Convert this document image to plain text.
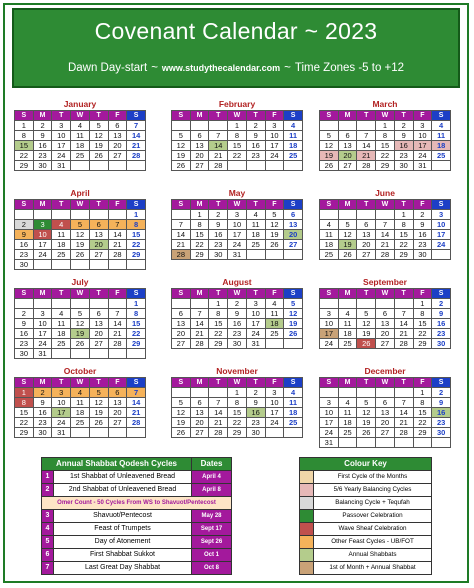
Covenant Calendar ~ 2023
Dawn Day-start ~ www.studythecalendar.com ~ Time Zones -5 to +12
January
S	M	T	W	T	F	S
1	2	3	4	5	6	7
8	9	10	11	12	13	14
15	16	17	18	19	20	21
22	23	24	25	26	27	28
29	30	31				
February
S	M	T	W	T	F	S
			1	2	3	4
5	6	7	8	9	10	11
12	13	14	15	16	17	18
19	20	21	22	23	24	25
26	27	28				
March
S	M	T	W	T	F	S
			1	2	3	4
5	6	7	8	9	10	11
12	13	14	15	16	17	18
19	20	21	22	23	24	25
26	27	28	29	30	31	
April
S	M	T	W	T	F	S
						1
2	3	4	5	6	7	8
9	10	11	12	13	14	15
16	17	18	19	20	21	22
23	24	25	26	27	28	29
30						
May
S	M	T	W	T	F	S
	1	2	3	4	5	6
7	8	9	10	11	12	13
14	15	16	17	18	19	20
21	22	23	24	25	26	27
28	29	30	31			
June
S	M	T	W	T	F	S
				1	2	3
4	5	6	7	8	9	10
11	12	13	14	15	16	17
18	19	20	21	22	23	24
25	26	27	28	29	30	
July
S	M	T	W	T	F	S
						1
2	3	4	5	6	7	8
9	10	11	12	13	14	15
16	17	18	19	20	21	22
23	24	25	26	27	28	29
30	31					
August
S	M	T	W	T	F	S
		1	2	3	4	5
6	7	8	9	10	11	12
13	14	15	16	17	18	19
20	21	22	23	24	25	26
27	28	29	30	31		
September
S	M	T	W	T	F	S
					1	2
3	4	5	6	7	8	9
10	11	12	13	14	15	16
17	18	19	20	21	22	23
24	25	26	27	28	29	30
October
S	M	T	W	T	F	S
1	2	3	4	5	6	7
8	9	10	11	12	13	14
15	16	17	18	19	20	21
22	23	24	25	26	27	28
29	30	31				
November
S	M	T	W	T	F	S
			1	2	3	4
5	6	7	8	9	10	11
12	13	14	15	16	17	18
19	20	21	22	23	24	25
26	27	28	29	30		
December
S	M	T	W	T	F	S
					1	2
3	4	5	6	7	8	9
10	11	12	13	14	15	16
17	18	19	20	21	22	23
24	25	26	27	28	29	30
31						
Annual Shabbat Qodesh Cycles		Dates
1	1st Shabbat of Unleavened Bread	April 4
2	2nd Shabbat of Unleavened Bread	April 8
Omer Count - 50 Cycles From WS to Shavuot/Pentecost		
3	Shavuot/Pentecost	May 28
4	Feast of Trumpets	Sept 17
5	Day of Atonement	Sept 26
6	First Shabbat Sukkot	Oct 1
7	Last Great Day Shabbat	Oct 8
Colour Key	
	First Cycle of the Months
	5/6 Yearly Balancing Cycles
	Balancing Cycle + Tequfah
	Passover Celebration
	Wave Sheaf Celebration
	Other Feast Cycles - UB/FOT
	Annual Shabbats
	1st of Month + Annual Shabbat
